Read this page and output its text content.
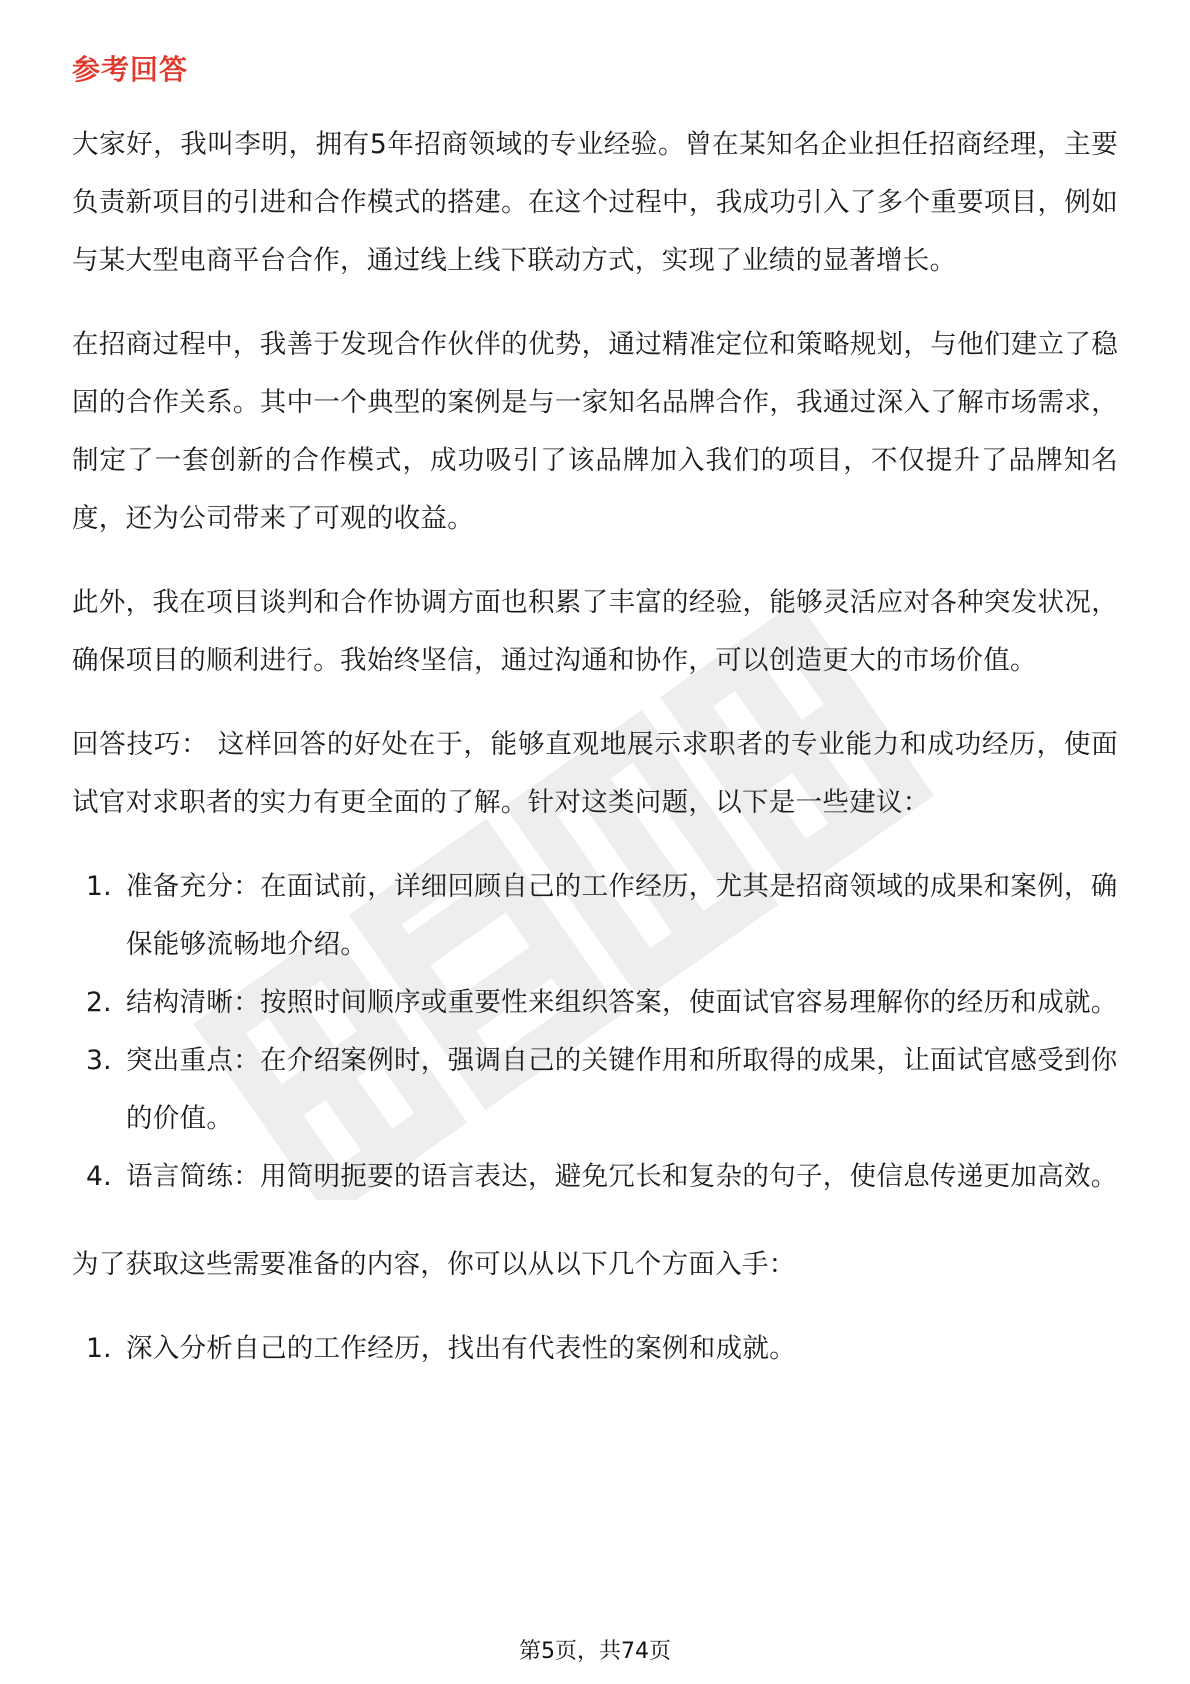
参考回答

大家好，我叫李明，拥有5年招商领域的专业经验。曾在某知名企业担任招商经理，主要负责新项目的引进和合作模式的搭建。在这个过程中，我成功引入了多个重要项目，例如与某大型电商平台合作，通过线上线下联动方式，实现了业绩的显著增长。

在招商过程中，我善于发现合作伙伴的优势，通过精准定位和策略规划，与他们建立了稳固的合作关系。其中一个典型的案例是与一家知名品牌合作，我通过深入了解市场需求，制定了一套创新的合作模式，成功吸引了该品牌加入我们的项目，不仅提升了品牌知名度，还为公司带来了可观的收益。

此外，我在项目谈判和合作协调方面也积累了丰富的经验，能够灵活应对各种突发状况，确保项目的顺利进行。我始终坚信，通过沟通和协作，可以创造更大的市场价值。

回答技巧： 这样回答的好处在于，能够直观地展示求职者的专业能力和成功经历，使面试官对求职者的实力有更全面的了解。针对这类问题，以下是一些建议：

1. 准备充分：在面试前，详细回顾自己的工作经历，尤其是招商领域的成果和案例，确保能够流畅地介绍。
2. 结构清晰：按照时间顺序或重要性来组织答案，使面试官容易理解你的经历和成就。
3. 突出重点：在介绍案例时，强调自己的关键作用和所取得的成果，让面试官感受到你的价值。
4. 语言简练：用简明扼要的语言表达，避免冗长和复杂的句子，使信息传递更加高效。

为了获取这些需要准备的内容，你可以从以下几个方面入手：

1. 深入分析自己的工作经历，找出有代表性的案例和成就。
第5页，共74页
